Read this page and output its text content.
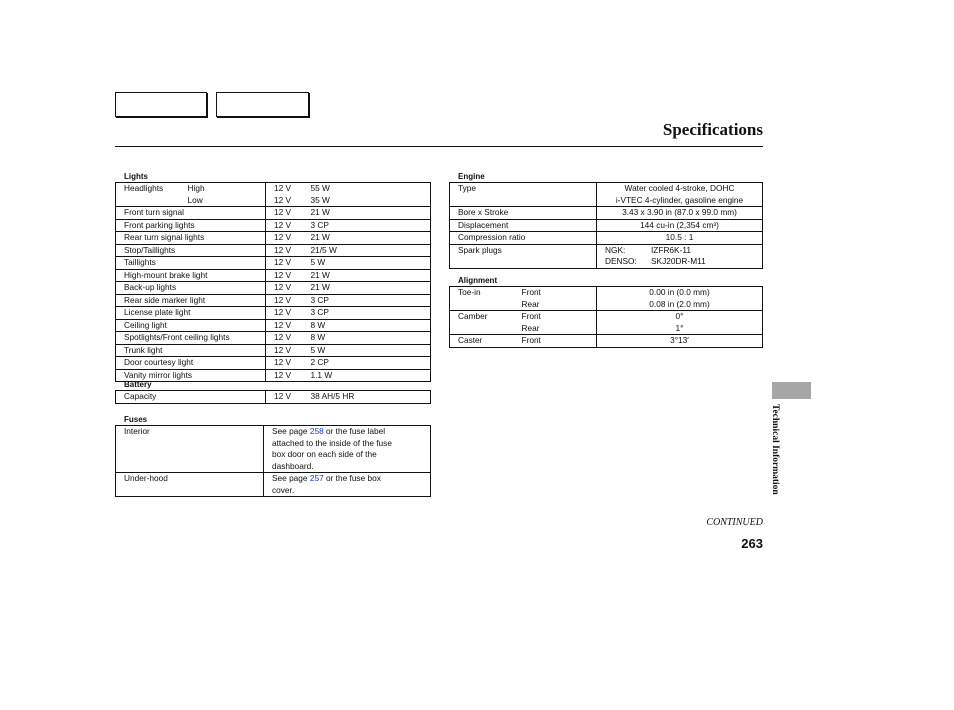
Specifications
Lights
Headlights	High	12 V	55 W
	Low	12 V	35 W
Front turn signal		12 V	21 W
Front parking lights		12 V	3 CP
Rear turn signal lights		12 V	21 W
Stop/Taillights		12 V	21/5 W
Taillights		12 V	5 W
High-mount brake light		12 V	21 W
Back-up lights		12 V	21 W
Rear side marker light		12 V	3 CP
License plate light		12 V	3 CP
Ceiling light		12 V	8 W
Spotlights/Front ceiling lights		12 V	8 W
Trunk light		12 V	5 W
Door courtesy light		12 V	2 CP
Vanity mirror lights		12 V	1.1 W
Battery
Capacity	12 V	38 AH/5 HR
Fuses
Interior	See page 258 or the fuse label
attached to the inside of the fuse
box door on each side of the
dashboard.

Under-hood	See page 257 or the fuse box
cover.
Engine
Type	Water cooled 4-stroke, DOHC
i-VTEC 4-cylinder, gasoline engine

Bore x Stroke	3.43 x 3.90 in (87.0 x 99.0 mm)
Displacement	144 cu-in (2,354 cm³)
Compression ratio	10.5 : 1
Spark plugs	NGK: IZFR6K-11
DENSO: SKJ20DR-M11
Alignment
Toe-in	Front	0.00 in (0.0 mm)
	Rear	0.08 in (2.0 mm)
Camber	Front	0°
	Rear	1°
Caster	Front	3°13′
Technical Information
CONTINUED
263
